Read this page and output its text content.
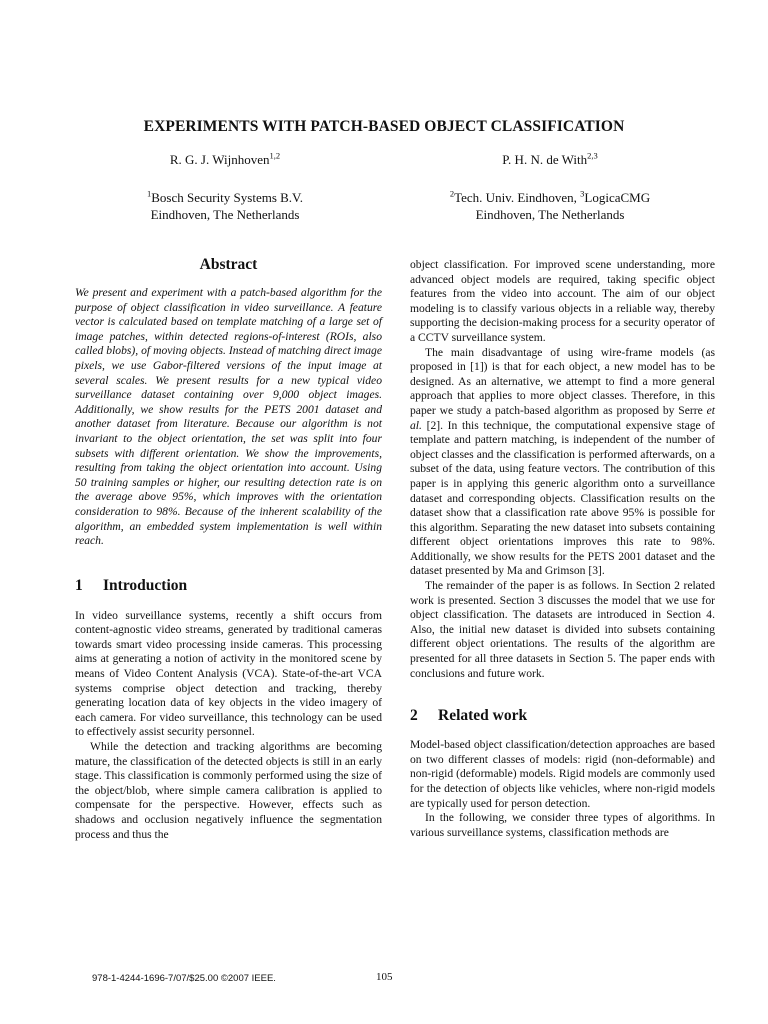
EXPERIMENTS WITH PATCH-BASED OBJECT CLASSIFICATION
R. G. J. Wijnhoven$^{1,2}$	P. H. N. de With$^{2,3}$
$^1$Bosch Security Systems B.V.
Eindhoven, The Netherlands
$^2$Tech. Univ. Eindhoven, $^3$LogicaCMG
Eindhoven, The Netherlands
Abstract

We present and experiment with a patch-based algorithm for the purpose of object classification in video surveillance. A feature vector is calculated based on template matching of a large set of image patches, within detected regions-of-interest (ROIs, also called blobs), of moving objects. Instead of matching direct image pixels, we use Gabor-filtered versions of the input image at several scales. We present results for a new typical video surveillance dataset containing over 9,000 object images. Additionally, we show results for the PETS 2001 dataset and another dataset from literature. Because our algorithm is not invariant to the object orientation, the set was split into four subsets with different orientation. We show the improvements, resulting from taking the object orientation into account. Using 50 training samples or higher, our resulting detection rate is on the average above 95%, which improves with the orientation consideration to 98%. Because of the inherent scalability of the algorithm, an embedded system implementation is well within reach.

1 Introduction

In video surveillance systems, recently a shift occurs from content-agnostic video streams, generated by traditional cameras towards smart video processing inside cameras. This processing aims at generating a notion of activity in the monitored scene by means of Video Content Analysis (VCA). State-of-the-art VCA systems comprise object detection and tracking, thereby generating location data of key objects in the video imagery of each camera. For video surveillance, this technology can be used to effectively assist security personnel.

While the detection and tracking algorithms are becoming mature, the classification of the detected objects is still in an early stage. This classification is commonly performed using the size of the object/blob, where simple camera calibration is applied to compensate for the perspective. However, effects such as shadows and occlusion negatively influence the segmentation process and thus the

object classification. For improved scene understanding, more advanced object models are required, taking specific object features from the video into account. The aim of our object modeling is to classify various objects in a reliable way, thereby supporting the decision-making process for a security operator of a CCTV surveillance system.

The main disadvantage of using wire-frame models (as proposed in [1]) is that for each object, a new model has to be designed. As an alternative, we attempt to find a more general approach that applies to more object classes. Therefore, in this paper we study a patch-based algorithm as proposed by Serre et al. [2]. In this technique, the computational expensive stage of template and pattern matching, is independent of the number of object classes and the classification is performed afterwards, on a subset of the data, using feature vectors. The contribution of this paper is in applying this generic algorithm onto a surveillance dataset and corresponding objects. Classification results on the dataset show that a classification rate above 95% is possible for this algorithm. Separating the new dataset into subsets containing different object orientations improves this rate to 98%. Additionally, we show results for the PETS 2001 dataset and the dataset presented by Ma and Grimson [3].

The remainder of the paper is as follows. In Section 2 related work is presented. Section 3 discusses the model that we use for object classification. The datasets are introduced in Section 4. Also, the initial new dataset is divided into subsets containing different object orientations. The results of the algorithm are presented for all three datasets in Section 5. The paper ends with conclusions and future work.

2 Related work

Model-based object classification/detection approaches are based on two different classes of models: rigid (non-deformable) and non-rigid (deformable) models. Rigid models are commonly used for the detection of objects like vehicles, where non-rigid models are typically used for person detection.

In the following, we consider three types of algorithms. In various surveillance systems, classification methods are

978-1-4244-1696-7/07/$25.00 ©2007 IEEE.	105
